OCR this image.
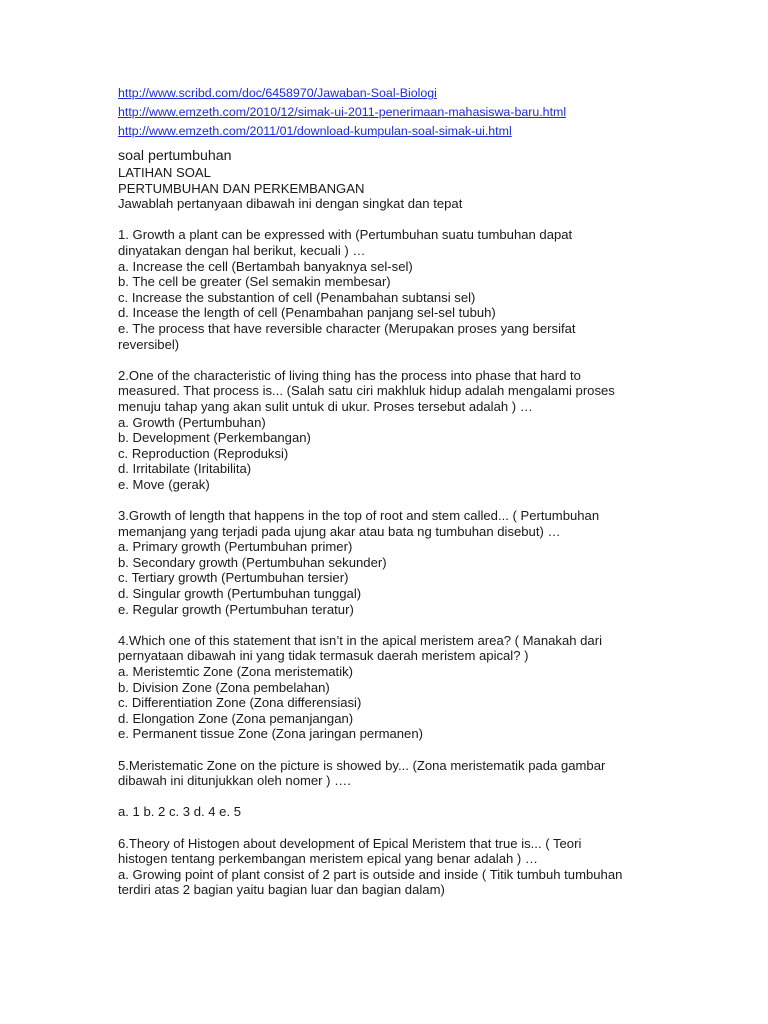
http://www.scribd.com/doc/6458970/Jawaban-Soal-Biologi
http://www.emzeth.com/2010/12/simak-ui-2011-penerimaan-mahasiswa-baru.html
http://www.emzeth.com/2011/01/download-kumpulan-soal-simak-ui.html
soal pertumbuhan
LATIHAN SOAL
PERTUMBUHAN DAN PERKEMBANGAN
Jawablah pertanyaan dibawah ini dengan singkat dan tepat
1. Growth a plant can be expressed with (Pertumbuhan suatu tumbuhan dapat
dinyatakan dengan hal berikut, kecuali ) …
a. Increase the cell (Bertambah banyaknya sel-sel)
b. The cell be greater (Sel semakin membesar)
c. Increase the substantion of cell (Penambahan subtansi sel)
d. Incease the length of cell (Penambahan panjang sel-sel tubuh)
e. The process that have reversible character (Merupakan proses yang bersifat
reversibel)
2.One of the characteristic of living thing has the process into phase that hard to
measured. That process is... (Salah satu ciri makhluk hidup adalah mengalami proses
menuju tahap yang akan sulit untuk di ukur. Proses tersebut adalah ) …
a. Growth (Pertumbuhan)
b. Development (Perkembangan)
c. Reproduction (Reproduksi)
d. Irritabilate (Iritabilita)
e. Move (gerak)
3.Growth of length that happens in the top of root and stem called... ( Pertumbuhan
memanjang yang terjadi pada ujung akar atau bata ng tumbuhan disebut) …
a. Primary growth (Pertumbuhan primer)
b. Secondary growth (Pertumbuhan sekunder)
c. Tertiary growth (Pertumbuhan tersier)
d. Singular growth (Pertumbuhan tunggal)
e. Regular growth (Pertumbuhan teratur)
4.Which one of this statement that isn’t in the apical meristem area? ( Manakah dari
pernyataan dibawah ini yang tidak termasuk daerah meristem apical? )
a. Meristemtic Zone (Zona meristematik)
b. Division Zone (Zona pembelahan)
c. Differentiation Zone (Zona differensiasi)
d. Elongation Zone (Zona pemanjangan)
e. Permanent tissue Zone (Zona jaringan permanen)
5.Meristematic Zone on the picture is showed by... (Zona meristematik pada gambar
dibawah ini ditunjukkan oleh nomer ) ….
a. 1 b. 2 c. 3 d. 4 e. 5
6.Theory of Histogen about development of Epical Meristem that true is... ( Teori
histogen tentang perkembangan meristem epical yang benar adalah ) …
a. Growing point of plant consist of 2 part is outside and inside ( Titik tumbuh tumbuhan
terdiri atas 2 bagian yaitu bagian luar dan bagian dalam)
